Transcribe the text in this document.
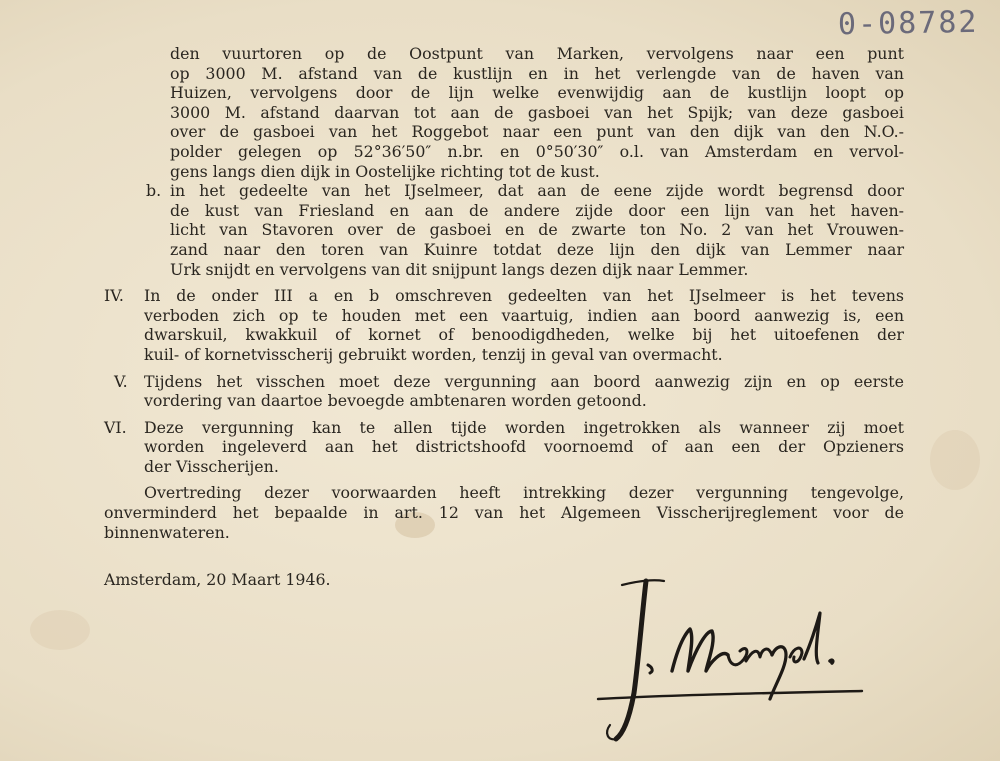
0-08782
den vuurtoren op de Oostpunt van Marken, vervolgens naar een punt
op 3000 M. afstand van de kustlijn en in het verlengde van de haven van
Huizen, vervolgens door de lijn welke evenwijdig aan de kustlijn loopt op
3000 M. afstand daarvan tot aan de gasboei van het Spijk; van deze gasboei
over de gasboei van het Roggebot naar een punt van den dijk van den N.O.-
polder gelegen op 52°36′50″ n.br. en 0°50′30″ o.l. van Amsterdam en vervol-
gens langs dien dijk in Oostelijke richting tot de kust.
b. in het gedeelte van het IJselmeer, dat aan de eene zijde wordt begrensd door
de kust van Friesland en aan de andere zijde door een lijn van het haven-
licht van Stavoren over de gasboei en de zwarte ton No. 2 van het Vrouwen-
zand naar den toren van Kuinre totdat deze lijn den dijk van Lemmer naar
Urk snijdt en vervolgens van dit snijpunt langs dezen dijk naar Lemmer.
IV. In de onder III a en b omschreven gedeelten van het IJselmeer is het tevens
verboden zich op te houden met een vaartuig, indien aan boord aanwezig is, een
dwarskuil, kwakkuil of kornet of benoodigdheden, welke bij het uitoefenen der
kuil- of kornetvisscherij gebruikt worden, tenzij in geval van overmacht.
V. Tijdens het visschen moet deze vergunning aan boord aanwezig zijn en op eerste
vordering van daartoe bevoegde ambtenaren worden getoond.
VI. Deze vergunning kan te allen tijde worden ingetrokken als wanneer zij moet
worden ingeleverd aan het districtshoofd voornoemd of aan een der Opzieners
der Visscherijen.
Overtreding dezer voorwaarden heeft intrekking dezer vergunning tengevolge,
onverminderd het bepaalde in art. 12 van het Algemeen Visscherijreglement voor de
binnenwateren.
Amsterdam, 20 Maart 1946.
